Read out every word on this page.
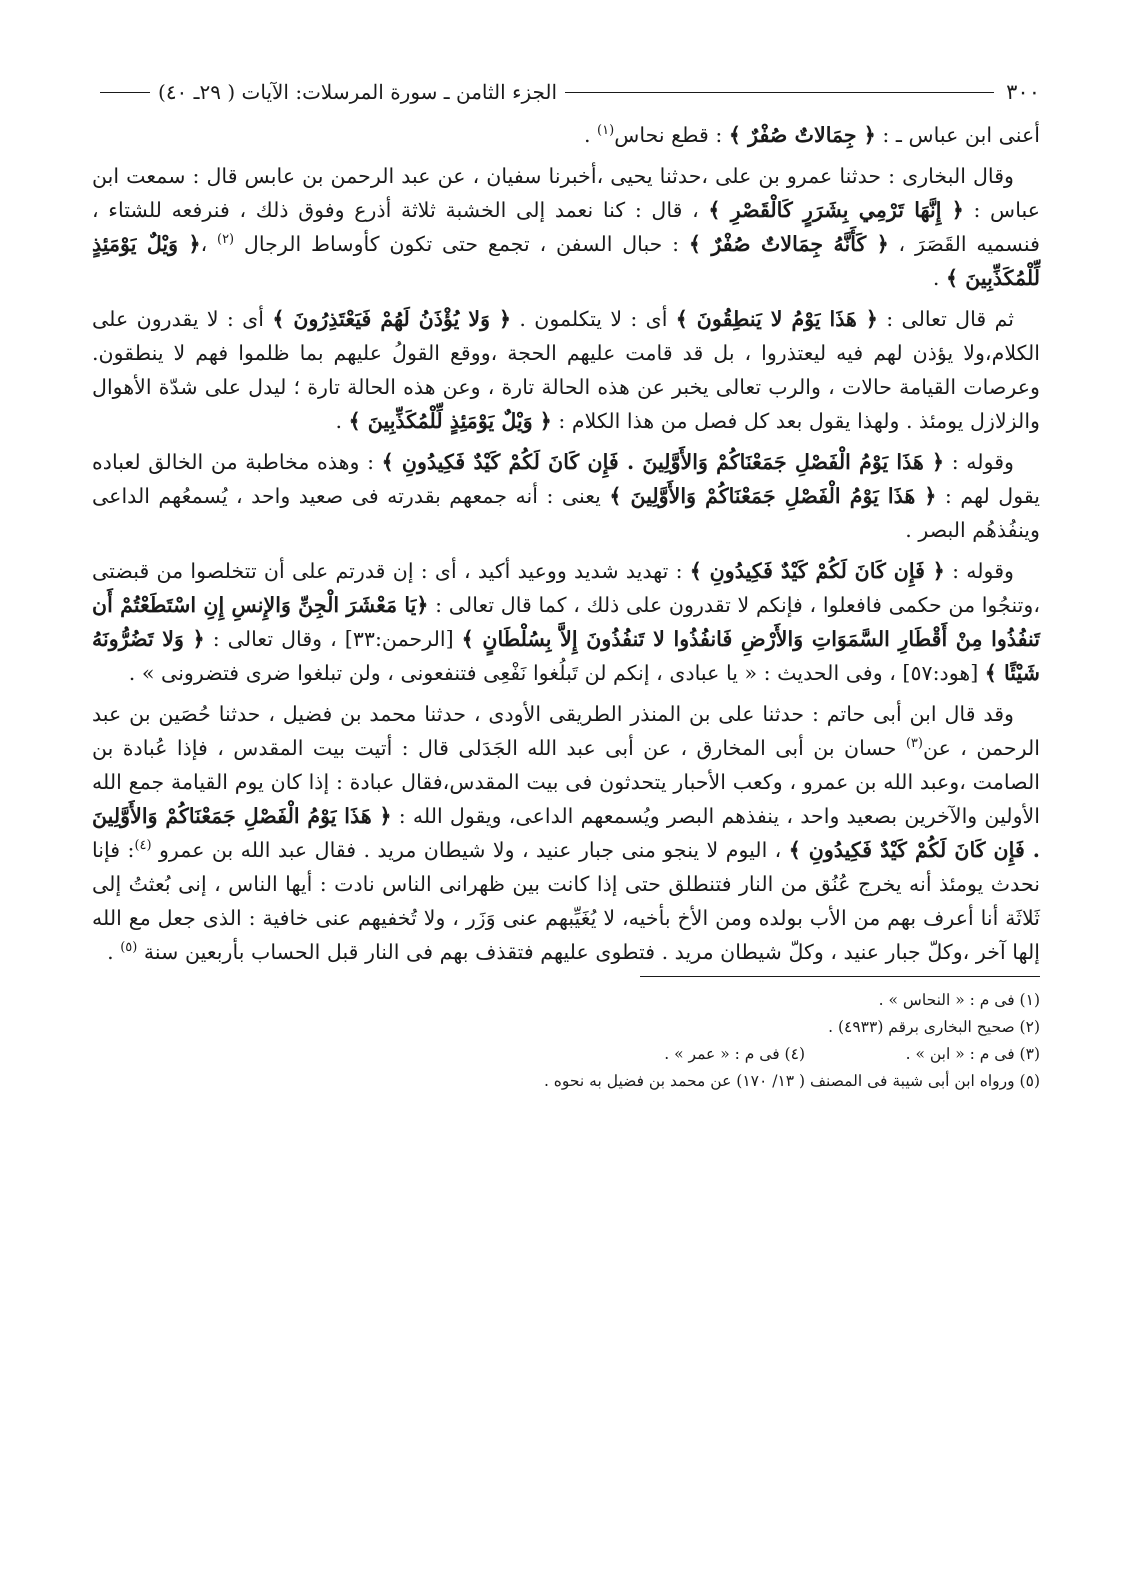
٣٠٠
الجزء الثامن ـ سورة المرسلات: الآيات ( ٢٩ـ ٤٠)

أعنى ابن عباس ـ : ﴿ جِمَالاتٌ صُفْرٌ ﴾ : قطع نحاس$^{(١)}$ .

وقال البخارى : حدثنا عمرو بن على ،حدثنا يحيى ،أخبرنا سفيان ، عن عبد الرحمن بن عابس قال : سمعت ابن عباس : ﴿ إِنَّهَا تَرْمِي بِشَرَرٍ كَالْقَصْرِ ﴾ ، قال : كنا نعمد إلى الخشبة ثلاثة أذرع وفوق ذلك ، فنرفعه للشتاء ، فنسميه القَصَرَ ، ﴿ كَأَنَّهُ جِمَالاتٌ صُفْرٌ ﴾ : حبال السفن ، تجمع حتى تكون كأوساط الرجال $^{(٢)}$ ،﴿ وَيْلٌ يَوْمَئِذٍ لِّلْمُكَذِّبِينَ ﴾ .

ثم قال تعالى : ﴿ هَذَا يَوْمُ لا يَنطِقُونَ ﴾ أى : لا يتكلمون . ﴿ وَلا يُؤْذَنُ لَهُمْ فَيَعْتَذِرُونَ ﴾ أى : لا يقدرون على الكلام،ولا يؤذن لهم فيه ليعتذروا ، بل قد قامت عليهم الحجة ،ووقع القولُ عليهم بما ظلموا فهم لا ينطقون. وعرصات القيامة حالات ، والرب تعالى يخبر عن هذه الحالة تارة ، وعن هذه الحالة تارة ؛ ليدل على شدّة الأهوال والزلازل يومئذ . ولهذا يقول بعد كل فصل من هذا الكلام : ﴿ وَيْلٌ يَوْمَئِذٍ لِّلْمُكَذِّبِينَ ﴾ .

وقوله : ﴿ هَذَا يَوْمُ الْفَصْلِ جَمَعْنَاكُمْ وَالأَوَّلِينَ . فَإِن كَانَ لَكُمْ كَيْدٌ فَكِيدُونِ ﴾ : وهذه مخاطبة من الخالق لعباده يقول لهم : ﴿ هَذَا يَوْمُ الْفَصْلِ جَمَعْنَاكُمْ وَالأَوَّلِينَ ﴾ يعنى : أنه جمعهم بقدرته فى صعيد واحد ، يُسمعُهم الداعى وينفُذهُم البصر .

وقوله : ﴿ فَإِن كَانَ لَكُمْ كَيْدٌ فَكِيدُونِ ﴾ : تهديد شديد ووعيد أكيد ، أى : إن قدرتم على أن تتخلصوا من قبضتى ،وتنجُوا من حكمى فافعلوا ، فإنكم لا تقدرون على ذلك ، كما قال تعالى : ﴿يَا مَعْشَرَ الْجِنِّ وَالإِنسِ إِنِ اسْتَطَعْتُمْ أَن تَنفُذُوا مِنْ أَقْطَارِ السَّمَوَاتِ وَالأَرْضِ فَانفُذُوا لا تَنفُذُونَ إِلاَّ بِسُلْطَانٍ ﴾ [الرحمن:٣٣] ، وقال تعالى : ﴿ وَلا تَضُرُّونَهُ شَيْئًا ﴾ [هود:٥٧] ، وفى الحديث : « يا عبادى ، إنكم لن تَبلُغوا نَفْعِى فتنفعونى ، ولن تبلغوا ضرى فتضرونى » .

وقد قال ابن أبى حاتم : حدثنا على بن المنذر الطريقى الأودى ، حدثنا محمد بن فضيل ، حدثنا حُصَين بن عبد الرحمن ، عن$^{(٣)}$ حسان بن أبى المخارق ، عن أبى عبد الله الجَدَلى قال : أتيت بيت المقدس ، فإذا عُبادة بن الصامت ،وعبد الله بن عمرو ، وكعب الأحبار يتحدثون فى بيت المقدس،فقال عبادة : إذا كان يوم القيامة جمع الله الأولين والآخرين بصعيد واحد ، ينفذهم البصر ويُسمعهم الداعى، ويقول الله : ﴿ هَذَا يَوْمُ الْفَصْلِ جَمَعْنَاكُمْ وَالأَوَّلِينَ . فَإِن كَانَ لَكُمْ كَيْدٌ فَكِيدُونِ ﴾ ، اليوم لا ينجو منى جبار عنيد ، ولا شيطان مريد . فقال عبد الله بن عمرو $^{(٤)}$: فإنا نحدث يومئذ أنه يخرج عُنُق من النار فتنطلق حتى إذا كانت بين ظهرانى الناس نادت : أيها الناس ، إنى بُعثتُ إلى ثَلاثَة أنا أعرف بهم من الأب بولده ومن الأخ بأخيه، لا يُغَيِّبهم عنى وَزَر ، ولا تُخفيهم عنى خافية : الذى جعل مع الله إلها آخر ،وكلّ جبار عنيد ، وكلّ شيطان مريد . فتطوى عليهم فتقذف بهم فى النار قبل الحساب بأربعين سنة $^{(٥)}$ .

(١) فى م : « النحاس » .
(٢) صحيح البخارى برقم (٤٩٣٣) .
(٣) فى م : « ابن » .
(٤) فى م : « عمر » .
(٥) ورواه ابن أبى شيبة فى المصنف ( ١٣/ ١٧٠) عن محمد بن فضيل به نحوه .
